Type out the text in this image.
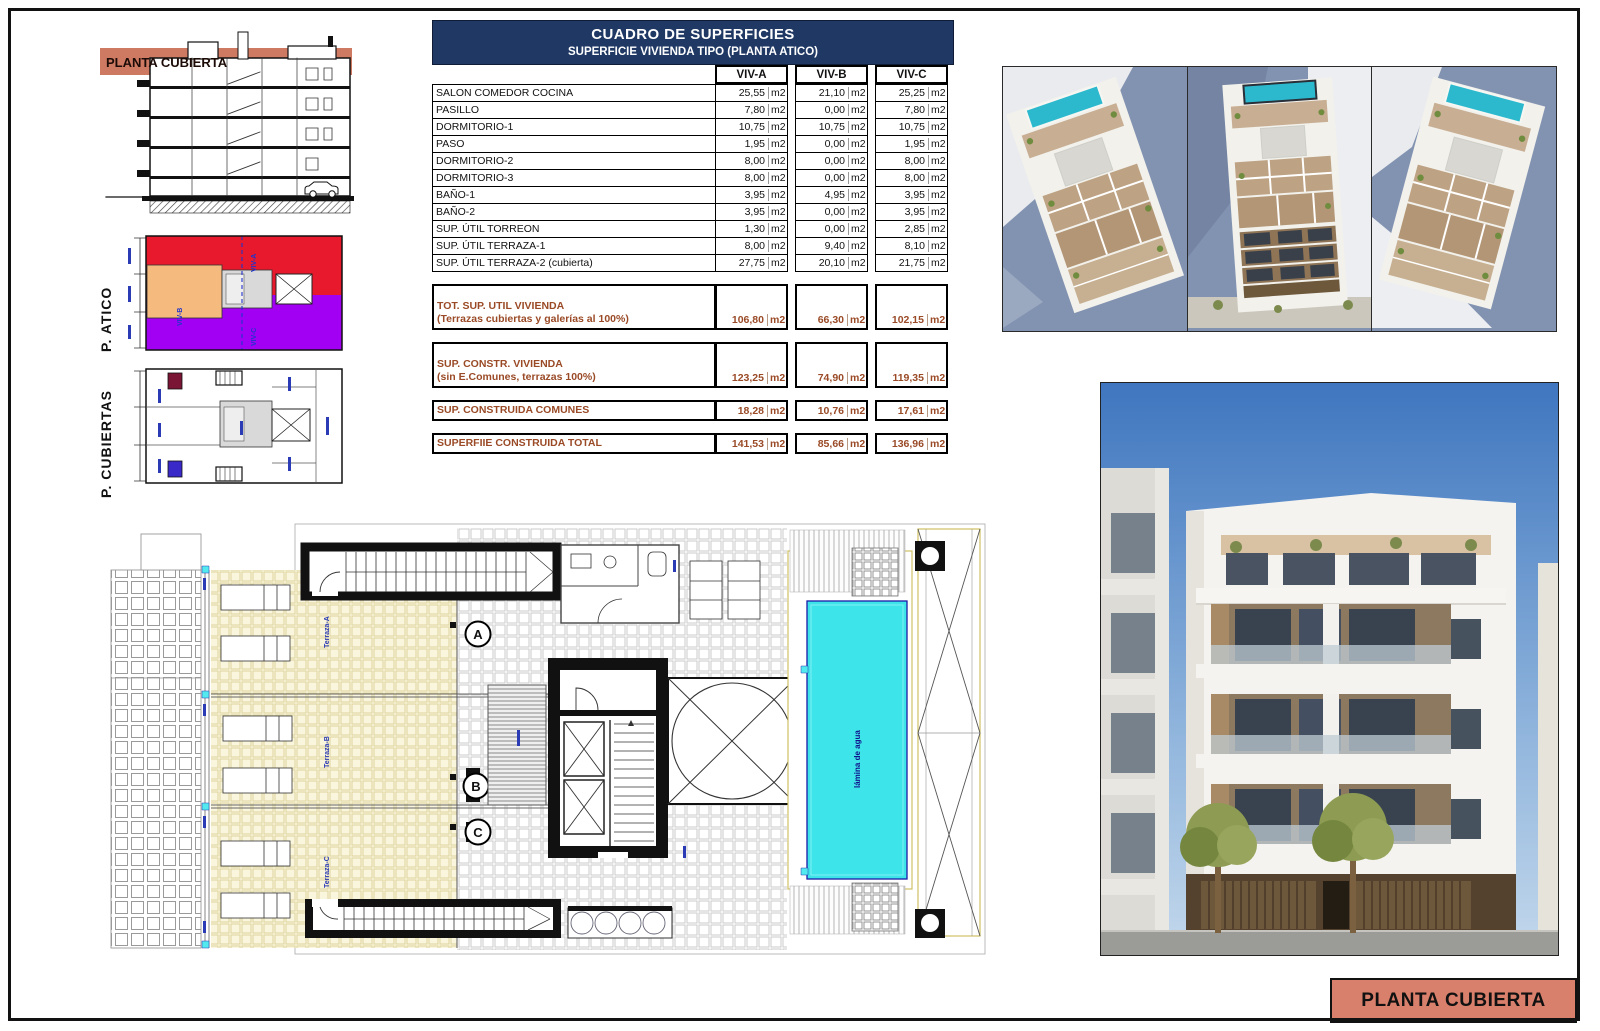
PLANTA CUBIERTA
P. ATICO
VIV-A
VIV-C
VIV-B
P. CUBIERTAS
CUADRO DE SUPERFICIES
SUPERFICIE VIVIENDA TIPO (PLANTA ATICO)
VIV-A	VIV-B	VIV-C
SALON COMEDOR COCINA	25,55 m2	21,10 m2	25,25 m2
PASILLO	7,80 m2	0,00 m2	7,80 m2
DORMITORIO-1	10,75 m2	10,75 m2	10,75 m2
PASO	1,95 m2	0,00 m2	1,95 m2
DORMITORIO-2	8,00 m2	0,00 m2	8,00 m2
DORMITORIO-3	8,00 m2	0,00 m2	8,00 m2
BAÑO-1	3,95 m2	4,95 m2	3,95 m2
BAÑO-2	3,95 m2	0,00 m2	3,95 m2
SUP. ÚTIL TORREON	1,30 m2	0,00 m2	2,85 m2
SUP. ÚTIL TERRAZA-1	8,00 m2	9,40 m2	8,10 m2
SUP. ÚTIL TERRAZA-2 (cubierta)	27,75 m2	20,10 m2	21,75 m2
TOT. SUP. UTIL VIVIENDA
(Terrazas cubiertas y galerías al 100%)	106,80 m2	66,30 m2	102,15 m2
SUP. CONSTR. VIVIENDA
(sin E.Comunes, terrazas 100%)	123,25 m2	74,90 m2	119,35 m2
SUP. CONSTRUIDA COMUNES	18,28 m2	10,76 m2	17,61 m2
SUPERFIIE CONSTRUIDA TOTAL	141,53 m2	85,66 m2	136,96 m2
A
B
C
lámina de agua
Terraza-A
Terraza-B
Terraza-C
PLANTA CUBIERTA
